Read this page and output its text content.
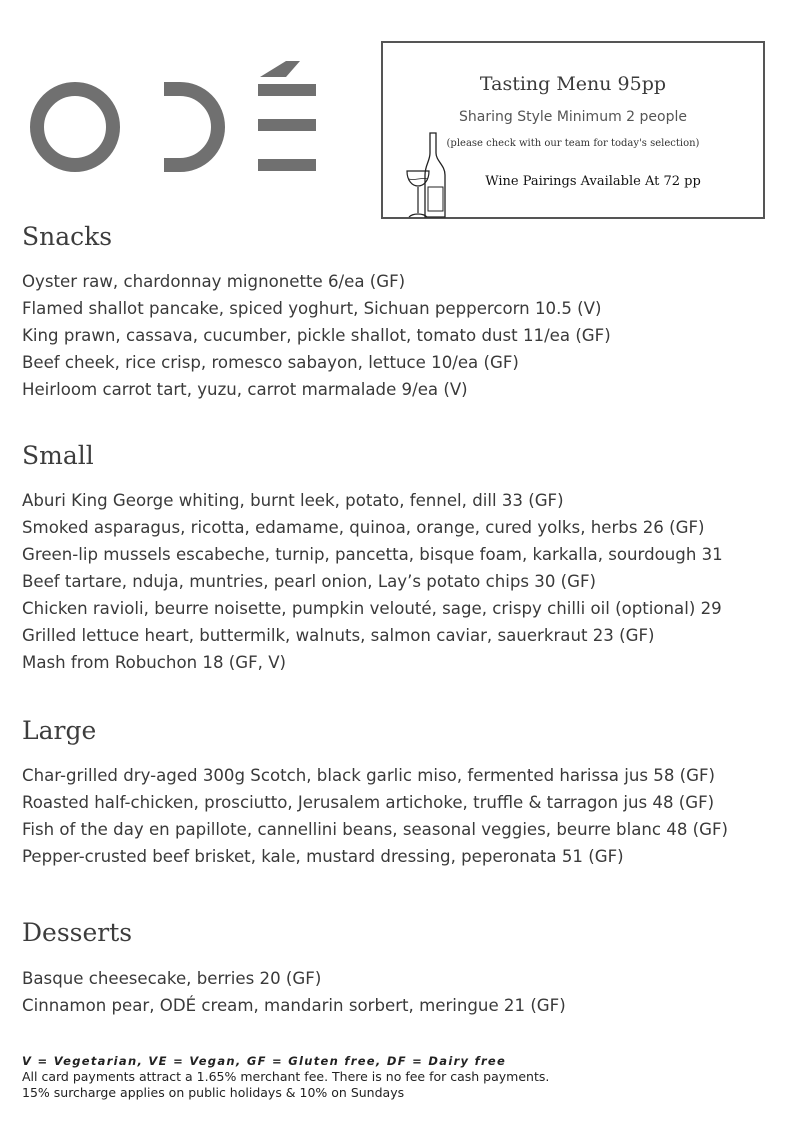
Tasting Menu 95pp
Sharing Style Minimum 2 people
(please check with our team for today's selection)
Wine Pairings Available At 72 pp
Snacks
Oyster raw, chardonnay mignonette 6/ea (GF)
Flamed shallot pancake, spiced yoghurt, Sichuan peppercorn 10.5 (V)
King prawn, cassava, cucumber, pickle shallot, tomato dust 11/ea (GF)
Beef cheek, rice crisp, romesco sabayon, lettuce 10/ea (GF)
Heirloom carrot tart, yuzu, carrot marmalade 9/ea (V)
Small
Aburi King George whiting, burnt leek, potato, fennel, dill 33 (GF)
Smoked asparagus, ricotta, edamame, quinoa, orange, cured yolks, herbs 26 (GF)
Green-lip mussels escabeche, turnip, pancetta, bisque foam, karkalla, sourdough 31
Beef tartare, nduja, muntries, pearl onion, Lay’s potato chips 30 (GF)
Chicken ravioli, beurre noisette, pumpkin velouté, sage, crispy chilli oil (optional) 29
Grilled lettuce heart, buttermilk, walnuts, salmon caviar, sauerkraut 23 (GF)
Mash from Robuchon 18 (GF, V)
Large
Char-grilled dry-aged 300g Scotch, black garlic miso, fermented harissa jus 58 (GF)
Roasted half-chicken, prosciutto, Jerusalem artichoke, truffle & tarragon jus 48 (GF)
Fish of the day en papillote, cannellini beans, seasonal veggies, beurre blanc 48 (GF)
Pepper-crusted beef brisket, kale, mustard dressing, peperonata 51 (GF)
Desserts
Basque cheesecake, berries 20 (GF)
Cinnamon pear, ODÉ cream, mandarin sorbert, meringue 21 (GF)
V = Vegetarian, VE = Vegan, GF = Gluten free, DF = Dairy free
All card payments attract a 1.65% merchant fee. There is no fee for cash payments.
15% surcharge applies on public holidays & 10% on Sundays
